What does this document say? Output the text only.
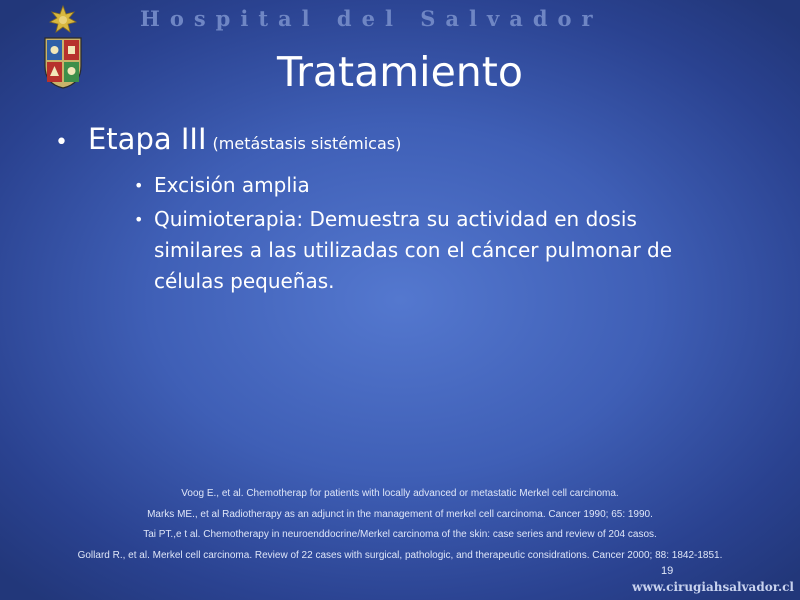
Hospital del Salvador
Tratamiento
• Etapa III (metástasis sistémicas)
• Excisión amplia
• Quimioterapia: Demuestra su actividad en dosis similares a las utilizadas con el cáncer pulmonar de células pequeñas.
Voog E., et al. Chemotherap for patients with locally advanced or metastatic Merkel cell carcinoma.
Marks ME., et al Radiotherapy as an adjunct in the management of merkel cell carcinoma. Cancer 1990; 65: 1990.
Tai PT.,e t al. Chemotherapy in neuroenddocrine/Merkel carcinoma of the skin: case series and review of 204 casos.
Gollard R., et al. Merkel cell carcinoma. Review of 22 cases with surgical, pathologic, and therapeutic considrations. Cancer 2000; 88: 1842-1851.
19
www.cirugiahsalvador.cl
